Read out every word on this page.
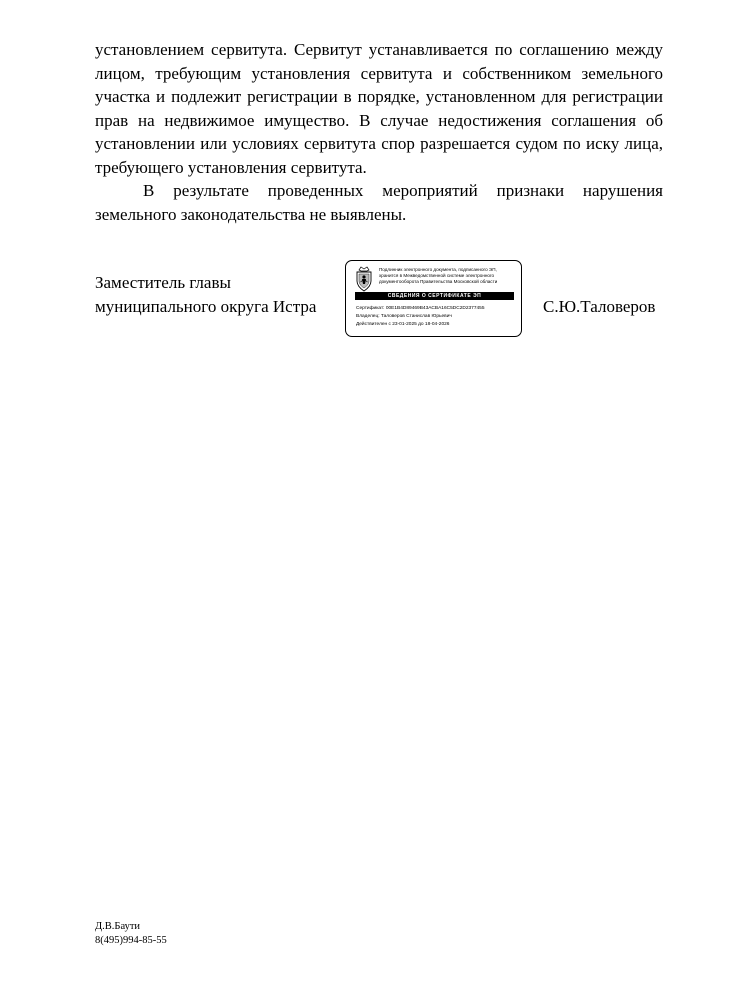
установлением сервитута. Сервитут устанавливается по соглашению между лицом, требующим установления сервитута и собственником земельного участка и подлежит регистрации в порядке, установленном для регистрации прав на недвижимое имущество. В случае недостижения соглашения об установлении или условиях сервитута спор разрешается судом по иску лица, требующего установления сервитута.

В результате проведенных мероприятий признаки нарушения земельного законодательства не выявлены.

Заместитель главы
муниципального округа Истра
Подлинник электронного документа, подписанного ЭП,
хранится в Межведомственной системе электронного
документооборота Правительства Московской области
СВЕДЕНИЯ О СЕРТИФИКАТЕ ЭП
Сертификат: 00E1B4D89469B43ACBA16C5DC2D2377455
Владелец: Таловеров Станислав Юрьевич
Действителен с 23-01-2025 до 18-04-2026
С.Ю.Таловеров
Д.В.Баути
8(495)994-85-55
